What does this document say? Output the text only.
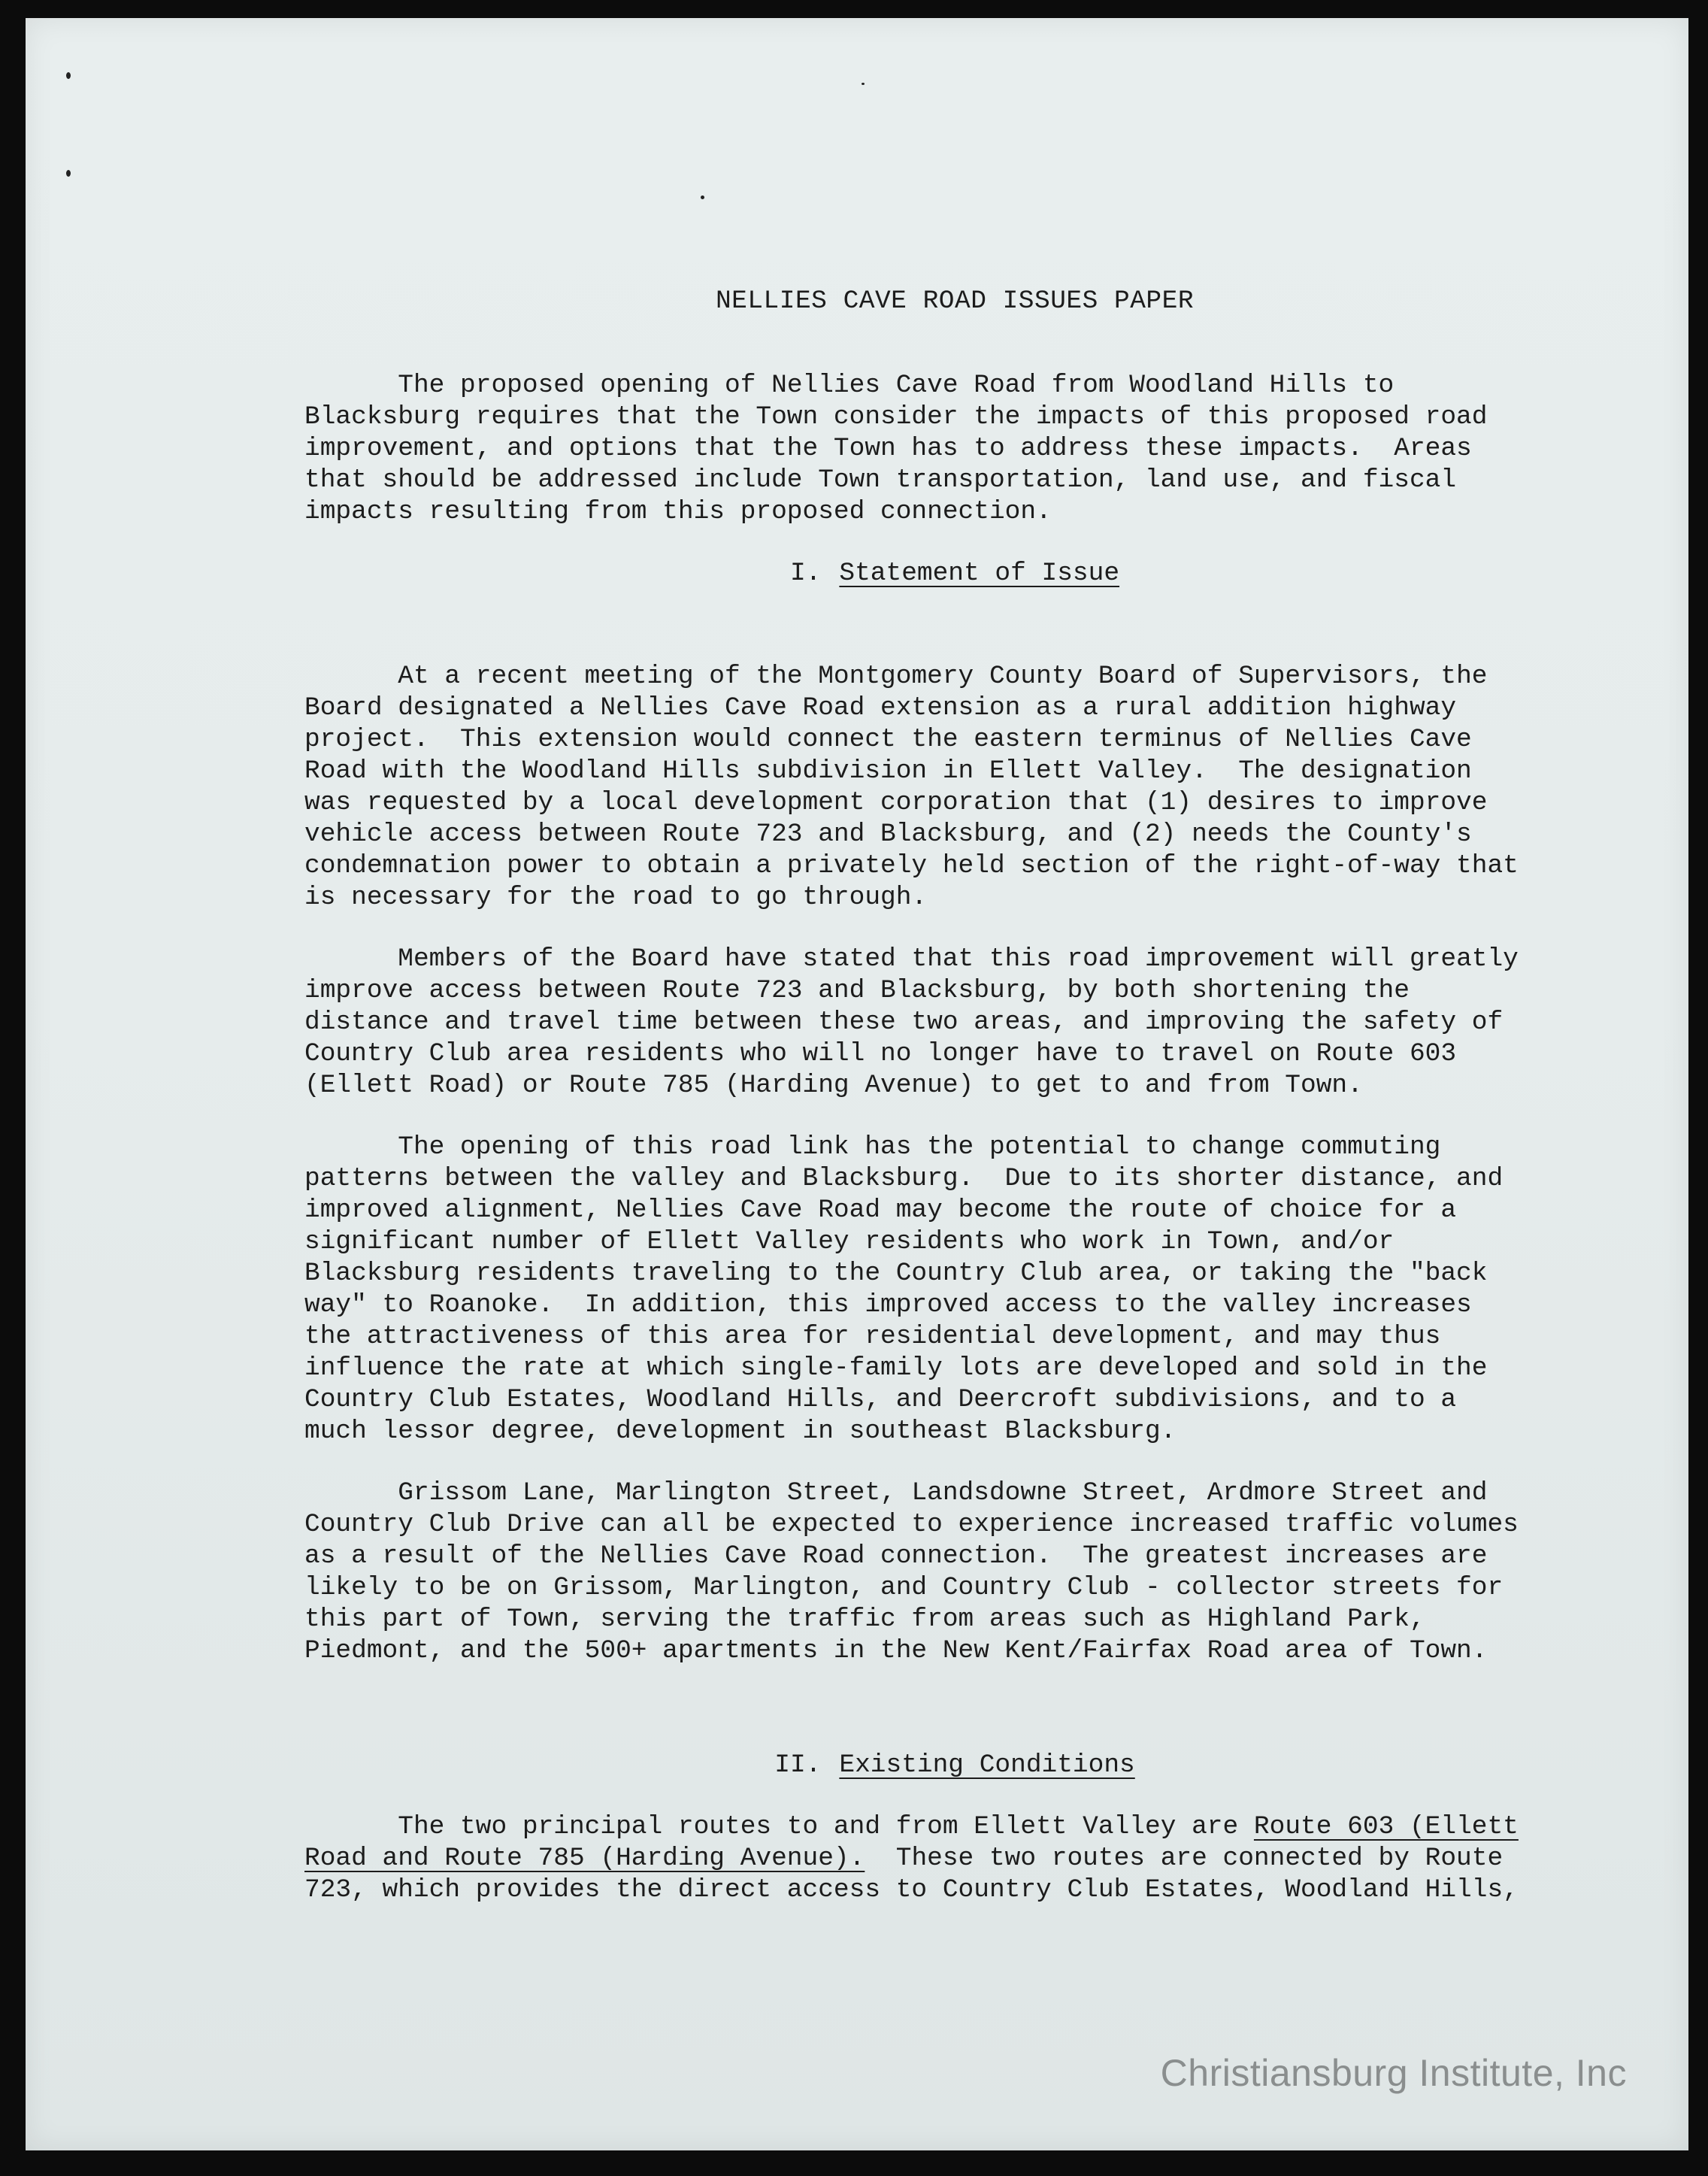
NELLIES CAVE ROAD ISSUES PAPER
The proposed opening of Nellies Cave Road from Woodland Hills to
Blacksburg requires that the Town consider the impacts of this proposed road
improvement, and options that the Town has to address these impacts.  Areas
that should be addressed include Town transportation, land use, and fiscal
impacts resulting from this proposed connection.
I. Statement of Issue
At a recent meeting of the Montgomery County Board of Supervisors, the
Board designated a Nellies Cave Road extension as a rural addition highway
project.  This extension would connect the eastern terminus of Nellies Cave
Road with the Woodland Hills subdivision in Ellett Valley.  The designation
was requested by a local development corporation that (1) desires to improve
vehicle access between Route 723 and Blacksburg, and (2) needs the County's
condemnation power to obtain a privately held section of the right-of-way that
is necessary for the road to go through.
Members of the Board have stated that this road improvement will greatly
improve access between Route 723 and Blacksburg, by both shortening the
distance and travel time between these two areas, and improving the safety of
Country Club area residents who will no longer have to travel on Route 603
(Ellett Road) or Route 785 (Harding Avenue) to get to and from Town.
The opening of this road link has the potential to change commuting
patterns between the valley and Blacksburg.  Due to its shorter distance, and
improved alignment, Nellies Cave Road may become the route of choice for a
significant number of Ellett Valley residents who work in Town, and/or
Blacksburg residents traveling to the Country Club area, or taking the "back
way" to Roanoke.  In addition, this improved access to the valley increases
the attractiveness of this area for residential development, and may thus
influence the rate at which single-family lots are developed and sold in the
Country Club Estates, Woodland Hills, and Deercroft subdivisions, and to a
much lessor degree, development in southeast Blacksburg.
Grissom Lane, Marlington Street, Landsdowne Street, Ardmore Street and
Country Club Drive can all be expected to experience increased traffic volumes
as a result of the Nellies Cave Road connection.  The greatest increases are
likely to be on Grissom, Marlington, and Country Club - collector streets for
this part of Town, serving the traffic from areas such as Highland Park,
Piedmont, and the 500+ apartments in the New Kent/Fairfax Road area of Town.
II. Existing Conditions
The two principal routes to and from Ellett Valley are Route 603 (Ellett
Road and Route 785 (Harding Avenue).  These two routes are connected by Route
723, which provides the direct access to Country Club Estates, Woodland Hills,
Christiansburg Institute, Inc
